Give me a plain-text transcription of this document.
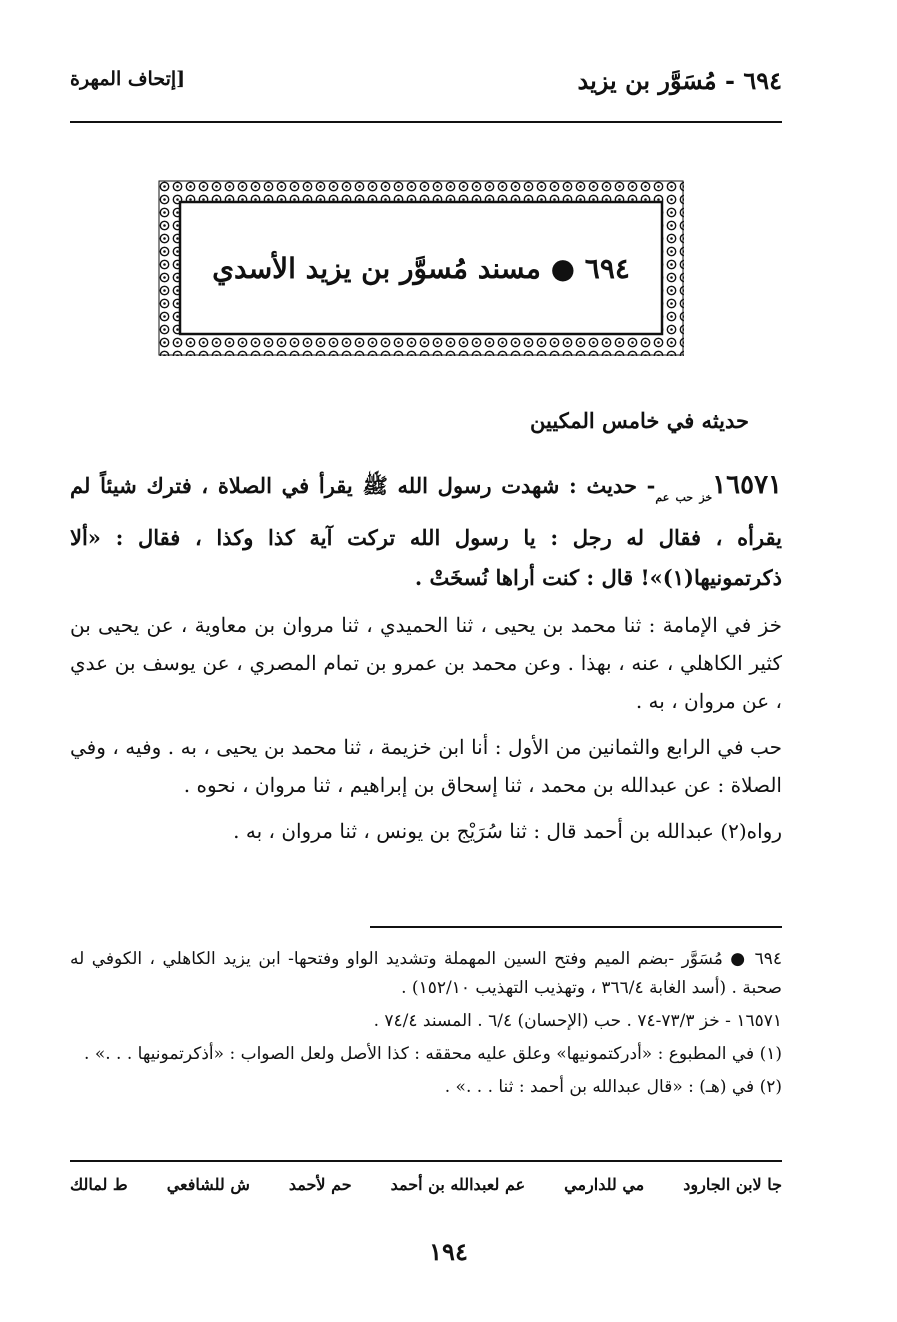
٦٩٤ - مُسَوَّر بن يزيد
[إتحاف المهرة
٦٩٤ ● مسند مُسوَّر بن يزيد الأسدي
حديثه في خامس المكيين

$١٦٥٧١_{خز حب عم}-$ حديث : شهدت رسول الله ﷺ يقرأ في الصلاة ، فترك شيئاً لم يقرأه ، فقال له رجل : يا رسول الله تركت آية كذا وكذا ، فقال : «ألا ذكرتمونيها(١)»! قال : كنت أراها نُسخَتْ .

خز في الإمامة : ثنا محمد بن يحيى ، ثنا الحميدي ، ثنا مروان بن معاوية ، عن يحيى بن كثير الكاهلي ، عنه ، بهذا . وعن محمد بن عمرو بن تمام المصري ، عن يوسف بن عدي ، عن مروان ، به .

حب في الرابع والثمانين من الأول : أنا ابن خزيمة ، ثنا محمد بن يحيى ، به . وفيه ، وفي الصلاة : عن عبدالله بن محمد ، ثنا إسحاق بن إبراهيم ، ثنا مروان ، نحوه .

رواه(٢) عبدالله بن أحمد قال : ثنا سُرَيْج بن يونس ، ثنا مروان ، به .

٦٩٤ ● مُسَوَّر -بضم الميم وفتح السين المهملة وتشديد الواو وفتحها- ابن يزيد الكاهلي ، الكوفي له صحبة . (أسد الغابة ٣٦٦/٤ ، وتهذيب التهذيب ١٥٢/١٠) .

١٦٥٧١ - خز ٧٣/٣-٧٤ . حب (الإحسان) ٦/٤ . المسند ٧٤/٤ .

(١) في المطبوع : «أدركتمونيها» وعلق عليه محققه : كذا الأصل ولعل الصواب : «أذكرتمونيها . . .» .

(٢) في (هـ) : «قال عبدالله بن أحمد : ثنا . . .» .

ط لمالك ش للشافعي حم لأحمد عم لعبدالله بن أحمد مي للدارمي جا لابن الجارود
١٩٤
